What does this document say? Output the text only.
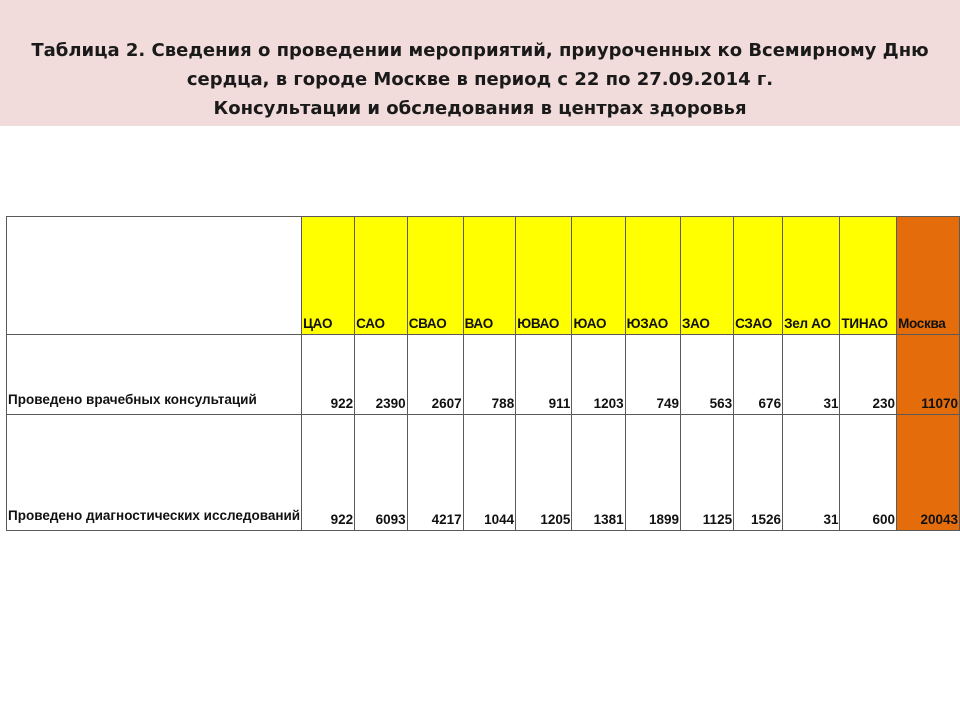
Таблица 2. Сведения о проведении мероприятий, приуроченных ко Всемирному Дню
сердца, в городе Москве в период с 22 по 27.09.2014 г.
Консультации и обследования в центрах здоровья
	ЦАО	САО	СВАО	ВАО	ЮВАО	ЮАО	ЮЗАО	ЗАО	СЗАО	Зел АО	ТИНАО	Москва
Проведено врачебных консультаций	922	2390	2607	788	911	1203	749	563	676	31	230	11070
Проведено диагностических исследований	922	6093	4217	1044	1205	1381	1899	1125	1526	31	600	20043
